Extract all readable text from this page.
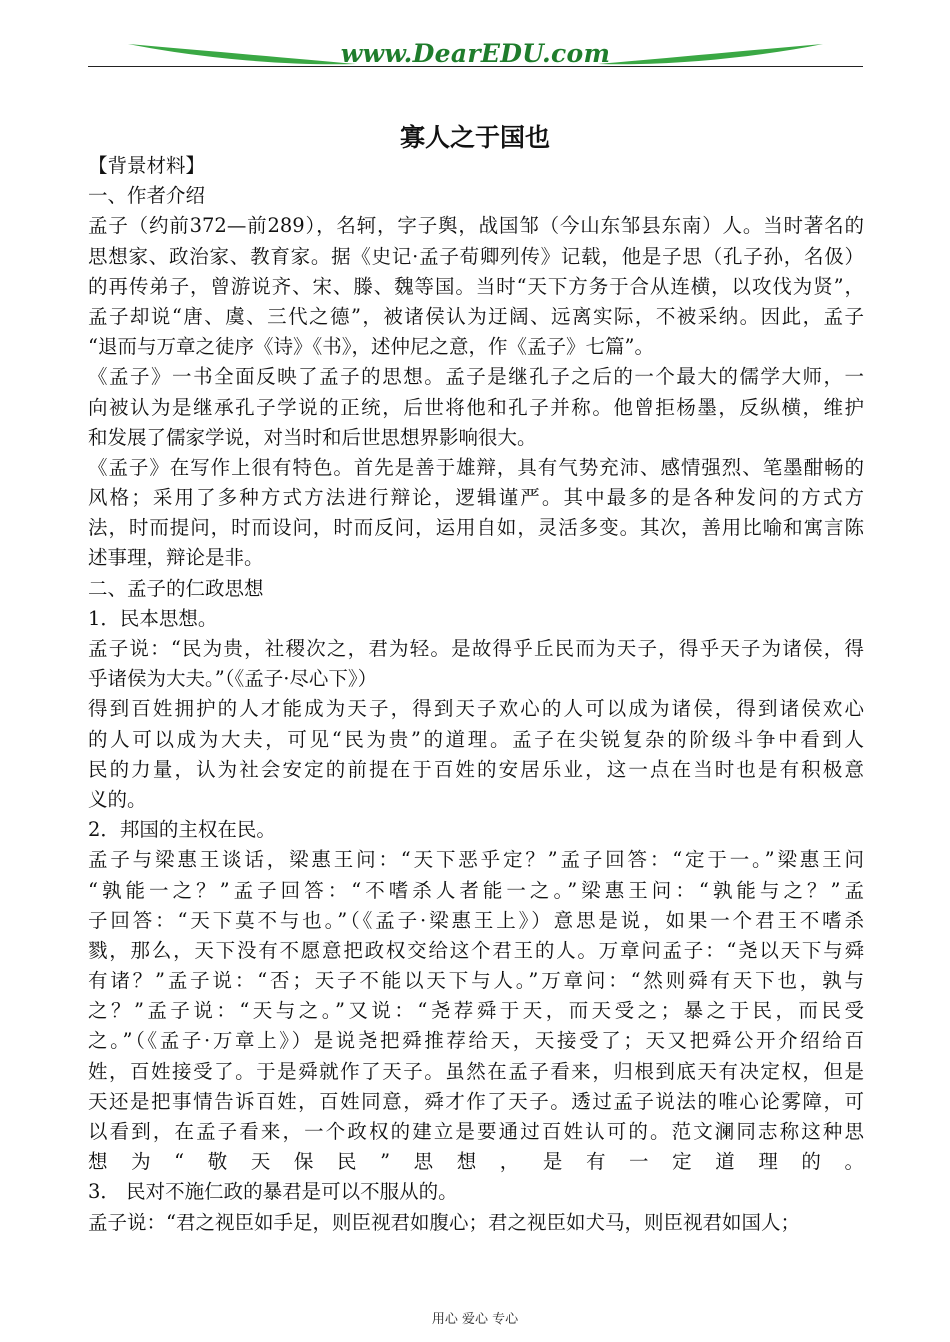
www.DearEDU.com
寡人之于国也
【背景材料】
一、作者介绍
孟子（约前372—前289），名轲，字子舆，战国邹（今山东邹县东南）人。当时著名的
思想家、政治家、教育家。据《史记·孟子荀卿列传》记载，他是子思（孔子孙，名伋）
的再传弟子，曾游说齐、宋、滕、魏等国。当时“天下方务于合从连横，以攻伐为贤”，
孟子却说“唐、虞、三代之德”，被诸侯认为迂阔、远离实际，不被采纳。因此，孟子
“退而与万章之徒序《诗》《书》，述仲尼之意，作《孟子》七篇”。
《孟子》一书全面反映了孟子的思想。孟子是继孔子之后的一个最大的儒学大师，一
向被认为是继承孔子学说的正统，后世将他和孔子并称。他曾拒杨墨，反纵横，维护
和发展了儒家学说，对当时和后世思想界影响很大。
《孟子》在写作上很有特色。首先是善于雄辩，具有气势充沛、感情强烈、笔墨酣畅的
风格；采用了多种方式方法进行辩论，逻辑谨严。其中最多的是各种发问的方式方
法，时而提问，时而设问，时而反问，运用自如，灵活多变。其次，善用比喻和寓言陈
述事理，辩论是非。
二、孟子的仁政思想
1．民本思想。
孟子说：“民为贵，社稷次之，君为轻。是故得乎丘民而为天子，得乎天子为诸侯，得
乎诸侯为大夫。”（《孟子·尽心下》）
得到百姓拥护的人才能成为天子，得到天子欢心的人可以成为诸侯，得到诸侯欢心
的人可以成为大夫，可见“民为贵”的道理。孟子在尖锐复杂的阶级斗争中看到人
民的力量，认为社会安定的前提在于百姓的安居乐业，这一点在当时也是有积极意
义的。
2．邦国的主权在民。
孟子与梁惠王谈话，梁惠王问：“天下恶乎定？”孟子回答：“定于一。”梁惠王问
“孰能一之？”孟子回答：“不嗜杀人者能一之。”梁惠王问：“孰能与之？”孟
子回答：“天下莫不与也。”（《孟子·梁惠王上》）意思是说，如果一个君王不嗜杀
戮，那么，天下没有不愿意把政权交给这个君王的人。万章问孟子：“尧以天下与舜
有诸？”孟子说：“否；天子不能以天下与人。”万章问：“然则舜有天下也，孰与
之？”孟子说：“天与之。”又说：“尧荐舜于天，而天受之；暴之于民，而民受
之。”（《孟子·万章上》）是说尧把舜推荐给天，天接受了；天又把舜公开介绍给百
姓，百姓接受了。于是舜就作了天子。虽然在孟子看来，归根到底天有决定权，但是
天还是把事情告诉百姓，百姓同意，舜才作了天子。透过孟子说法的唯心论雾障，可
以看到，在孟子看来，一个政权的建立是要通过百姓认可的。范文澜同志称这种思
想为“敬天保民”思想，是有一定道理的。
3． 民对不施仁政的暴君是可以不服从的。
孟子说：“君之视臣如手足，则臣视君如腹心；君之视臣如犬马，则臣视君如国人；
用心 爱心 专心
